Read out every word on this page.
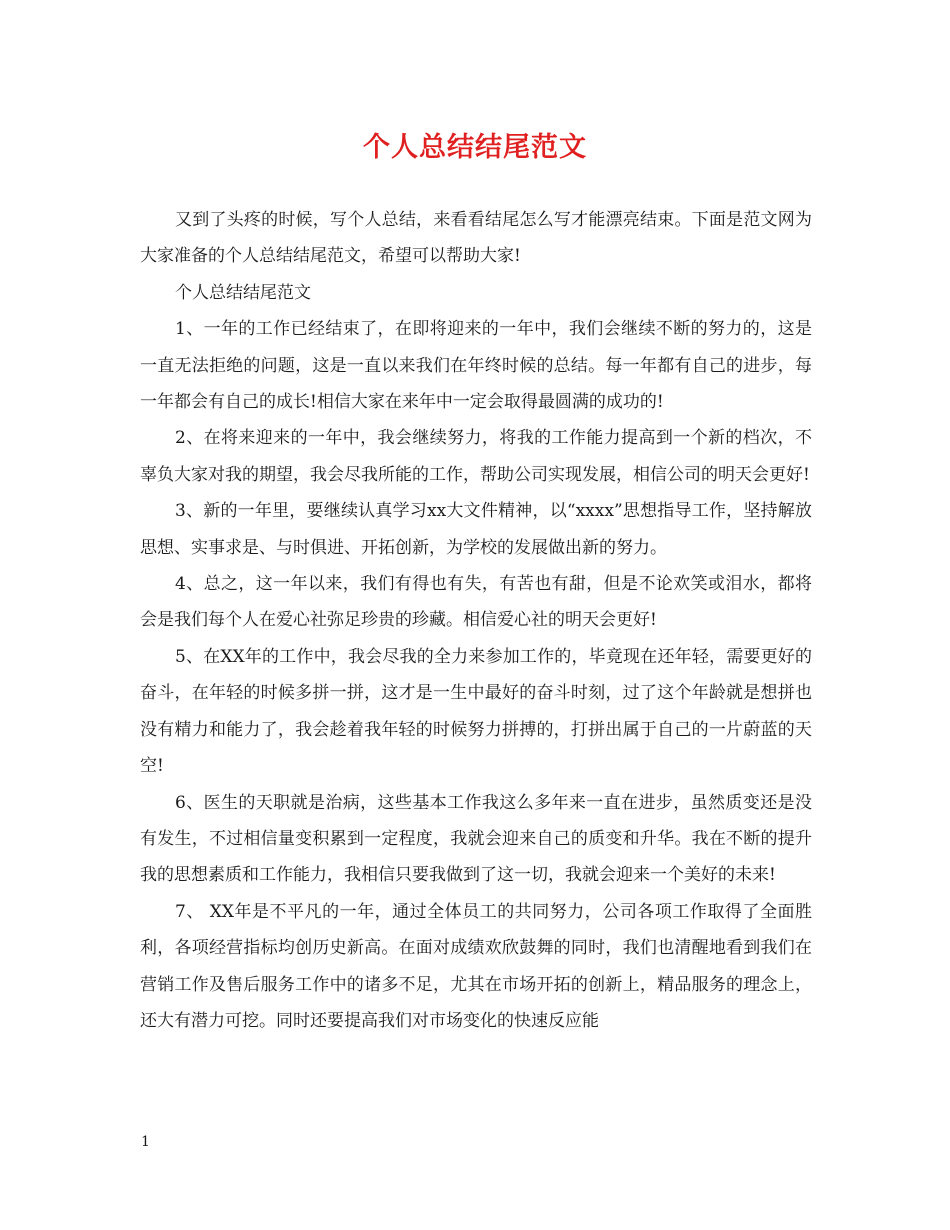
个人总结结尾范文

又到了头疼的时候，写个人总结，来看看结尾怎么写才能漂亮结束。下面是范文网为大家准备的个人总结结尾范文，希望可以帮助大家!

个人总结结尾范文

1、一年的工作已经结束了，在即将迎来的一年中，我们会继续不断的努力的，这是一直无法拒绝的问题，这是一直以来我们在年终时候的总结。每一年都有自己的进步，每一年都会有自己的成长!相信大家在来年中一定会取得最圆满的成功的!

2、在将来迎来的一年中，我会继续努力，将我的工作能力提高到一个新的档次，不辜负大家对我的期望，我会尽我所能的工作，帮助公司实现发展，相信公司的明天会更好!

3、新的一年里，要继续认真学习xx大文件精神，以“xxxx”思想指导工作，坚持解放思想、实事求是、与时俱进、开拓创新，为学校的发展做出新的努力。

4、总之，这一年以来，我们有得也有失，有苦也有甜，但是不论欢笑或泪水，都将会是我们每个人在爱心社弥足珍贵的珍藏。相信爱心社的明天会更好!

5、在XX年的工作中，我会尽我的全力来参加工作的，毕竟现在还年轻，需要更好的奋斗，在年轻的时候多拼一拼，这才是一生中最好的奋斗时刻，过了这个年龄就是想拼也没有精力和能力了，我会趁着我年轻的时候努力拼搏的，打拼出属于自己的一片蔚蓝的天空!

6、医生的天职就是治病，这些基本工作我这么多年来一直在进步，虽然质变还是没有发生，不过相信量变积累到一定程度，我就会迎来自己的质变和升华。我在不断的提升我的思想素质和工作能力，我相信只要我做到了这一切，我就会迎来一个美好的未来!

7、 XX年是不平凡的一年，通过全体员工的共同努力，公司各项工作取得了全面胜利，各项经营指标均创历史新高。在面对成绩欢欣鼓舞的同时，我们也清醒地看到我们在营销工作及售后服务工作中的诸多不足，尤其在市场开拓的创新上，精品服务的理念上，还大有潜力可挖。同时还要提高我们对市场变化的快速反应能

1
